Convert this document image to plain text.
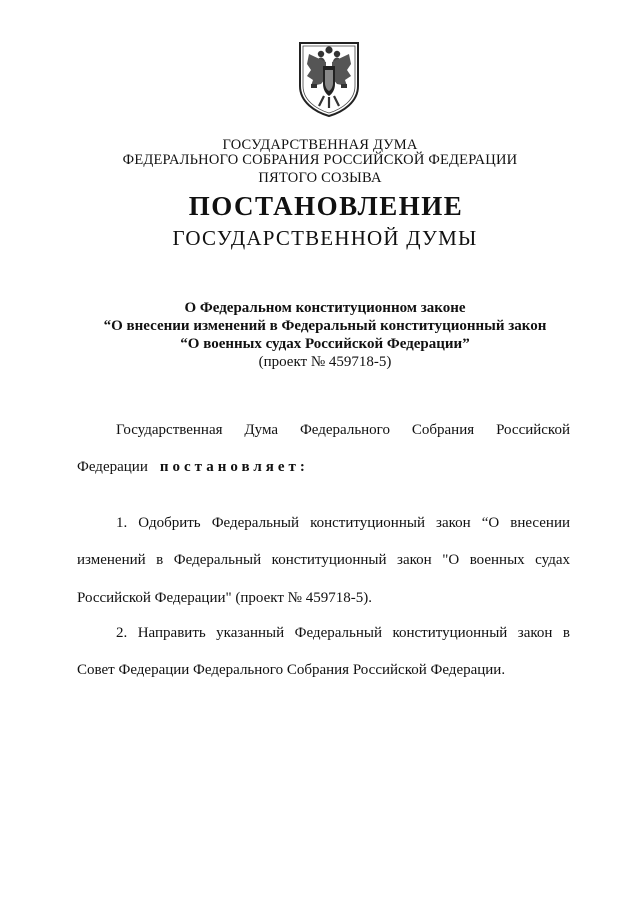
ГОСУДАРСТВЕННАЯ ДУМА
ФЕДЕРАЛЬНОГО СОБРАНИЯ РОССИЙСКОЙ ФЕДЕРАЦИИ
ПЯТОГО СОЗЫВА
ПОСТАНОВЛЕНИЕ
ГОСУДАРСТВЕННОЙ ДУМЫ
О Федеральном конституционном законе
“О внесении изменений в Федеральный конституционный закон
“О военных судах Российской Федерации”
(проект № 459718-5)
Государственная Дума Федерального Собрания Российской
Федерации постановляет:
1. Одобрить Федеральный конституционный закон “О внесении
изменений в Федеральный конституционный закон "О военных судах
Российской Федерации" (проект № 459718-5).
2. Направить указанный Федеральный конституционный закон в
Совет Федерации Федерального Собрания Российской Федерации.
